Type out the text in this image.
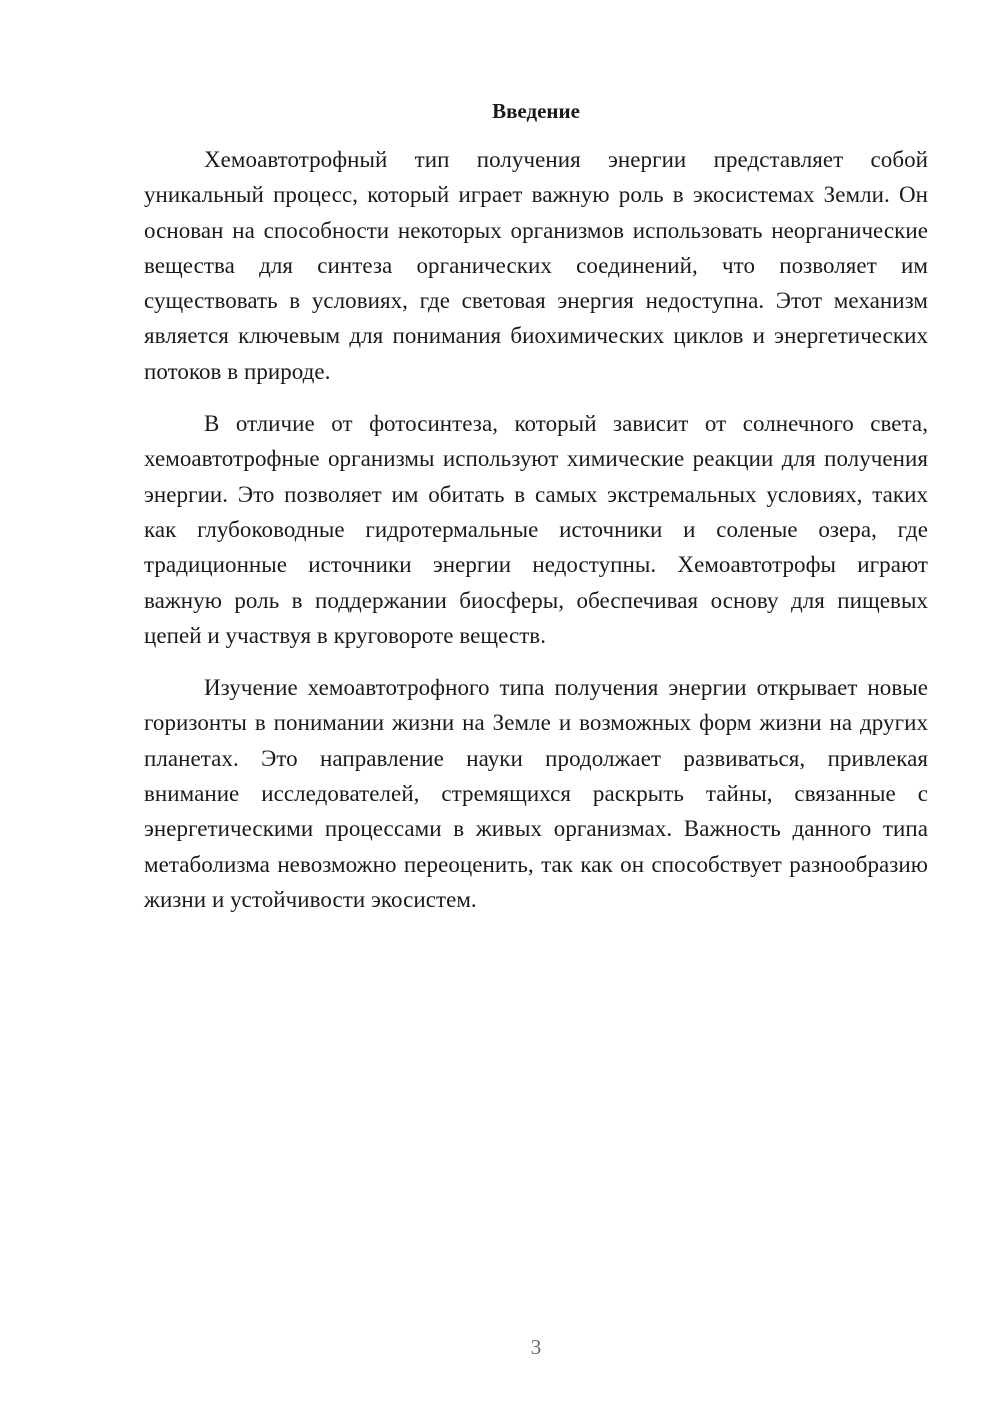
Введение

Хемоавтотрофный тип получения энергии представляет собой уникальный процесс, который играет важную роль в экосистемах Земли. Он основан на способности некоторых организмов использовать неорганические вещества для синтеза органических соединений, что позволяет им существовать в условиях, где световая энергия недоступна. Этот механизм является ключевым для понимания биохимических циклов и энергетических потоков в природе.

В отличие от фотосинтеза, который зависит от солнечного света, хемоавтотрофные организмы используют химические реакции для получения энергии. Это позволяет им обитать в самых экстремальных условиях, таких как глубоководные гидротермальные источники и соленые озера, где традиционные источники энергии недоступны. Хемоавтотрофы играют важную роль в поддержании биосферы, обеспечивая основу для пищевых цепей и участвуя в круговороте веществ.

Изучение хемоавтотрофного типа получения энергии открывает новые горизонты в понимании жизни на Земле и возможных форм жизни на других планетах. Это направление науки продолжает развиваться, привлекая внимание исследователей, стремящихся раскрыть тайны, связанные с энергетическими процессами в живых организмах. Важность данного типа метаболизма невозможно переоценить, так как он способствует разнообразию жизни и устойчивости экосистем.

3
